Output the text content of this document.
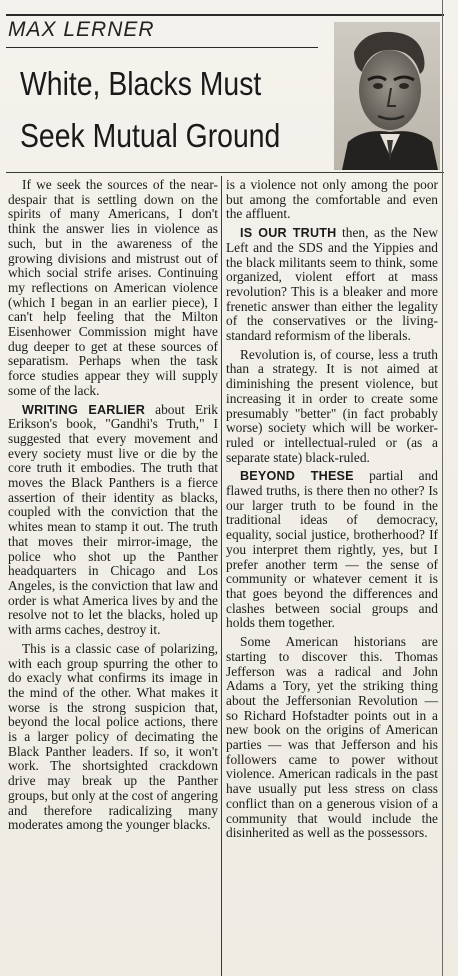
MAX LERNER
White, Blacks Must
Seek Mutual Ground

If we seek the sources of the near-despair that is settling down on the spirits of many Americans, I don't think the answer lies in violence as such, but in the awareness of the growing divisions and mistrust out of which social strife arises. Continuing my reflections on American violence (which I began in an earlier piece), I can't help feeling that the Milton Eisenhower Commission might have dug deeper to get at these sources of separatism. Perhaps when the task force studies appear they will supply some of the lack.

WRITING EARLIER about Erik Erikson's book, "Gandhi's Truth," I suggested that every movement and every society must live or die by the core truth it embodies. The truth that moves the Black Panthers is a fierce assertion of their identity as blacks, coupled with the conviction that the whites mean to stamp it out. The truth that moves their mirror-image, the police who shot up the Panther headquarters in Chicago and Los Angeles, is the conviction that law and order is what America lives by and the resolve not to let the blacks, holed up with arms caches, destroy it.

This is a classic case of polarizing, with each group spurring the other to do exacly what confirms its image in the mind of the other. What makes it worse is the strong suspicion that, beyond the local police actions, there is a larger policy of decimating the Black Panther leaders. If so, it won't work. The shortsighted crackdown drive may break up the Panther groups, but only at the cost of angering and therefore radicalizing many moderates among the younger blacks.

is a violence not only among the poor but among the comfortable and even the affluent.

IS OUR TRUTH then, as the New Left and the SDS and the Yippies and the black militants seem to think, some organized, violent effort at mass revolution? This is a bleaker and more frenetic answer than either the legality of the conservatives or the living-standard reformism of the liberals.

Revolution is, of course, less a truth than a strategy. It is not aimed at diminishing the present violence, but increasing it in order to create some presumably "better" (in fact probably worse) society which will be worker-ruled or intellectual-ruled or (as a separate state) black-ruled.

BEYOND THESE partial and flawed truths, is there then no other? Is our larger truth to be found in the traditional ideas of democracy, equality, social justice, brotherhood? If you interpret them rightly, yes, but I prefer another term — the sense of community or whatever cement it is that goes beyond the differences and clashes between social groups and holds them together.

Some American historians are starting to discover this. Thomas Jefferson was a radical and John Adams a Tory, yet the striking thing about the Jeffersonian Revolution — so Richard Hofstadter points out in a new book on the origins of American parties — was that Jefferson and his followers came to power without violence. American radicals in the past have usually put less stress on class conflict than on a generous vision of a community that would include the disinherited as well as the possessors.
